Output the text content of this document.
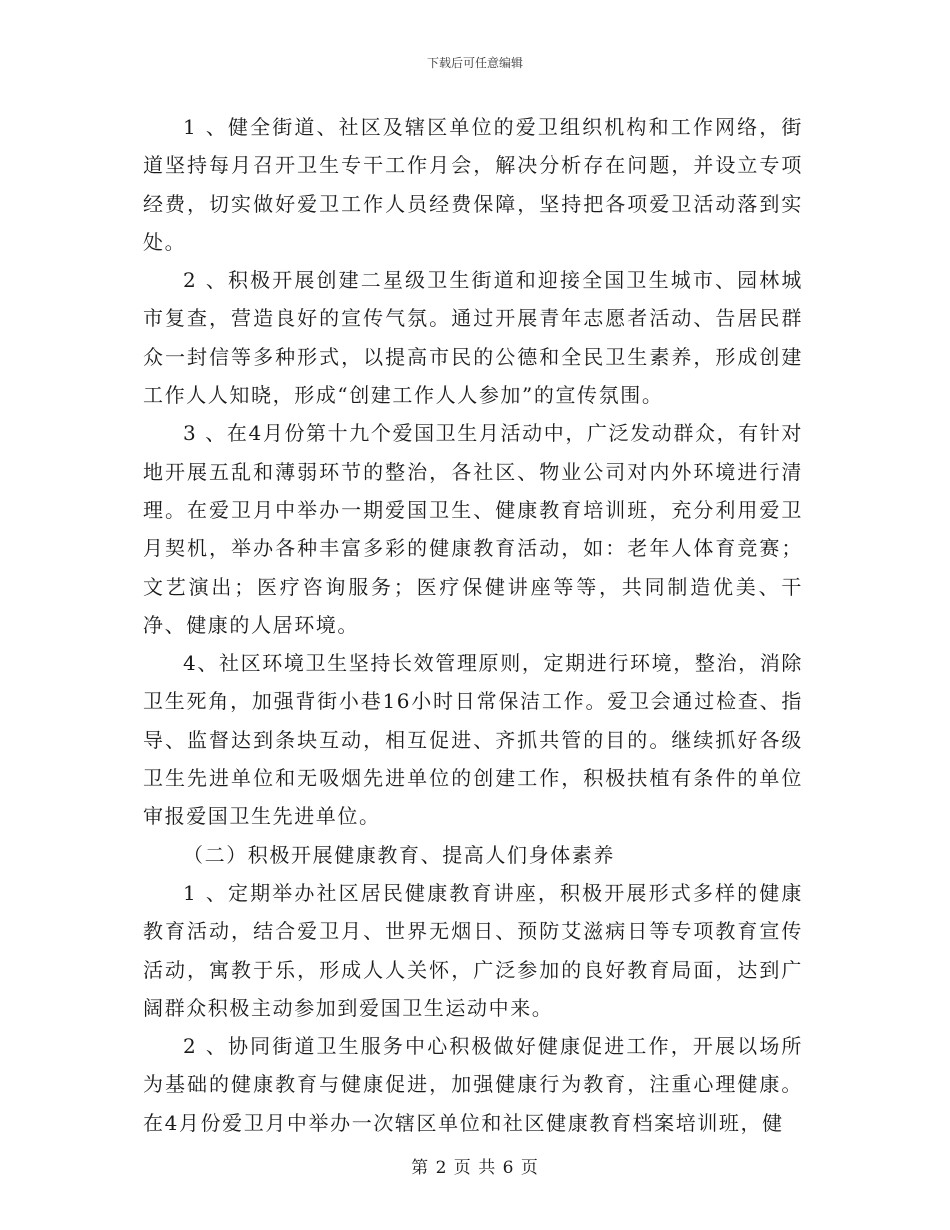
下载后可任意编辑

1 、健全街道、社区及辖区单位的爱卫组织机构和工作网络，街道坚持每月召开卫生专干工作月会，解决分析存在问题，并设立专项经费，切实做好爱卫工作人员经费保障，坚持把各项爱卫活动落到实处。

2 、积极开展创建二星级卫生街道和迎接全国卫生城市、园林城市复查，营造良好的宣传气氛。通过开展青年志愿者活动、告居民群众一封信等多种形式，以提高市民的公德和全民卫生素养，形成创建工作人人知晓，形成“创建工作人人参加”的宣传氛围。

3 、在4月份第十九个爱国卫生月活动中，广泛发动群众，有针对地开展五乱和薄弱环节的整治，各社区、物业公司对内外环境进行清理。在爱卫月中举办一期爱国卫生、健康教育培训班，充分利用爱卫月契机，举办各种丰富多彩的健康教育活动，如：老年人体育竞赛；文艺演出；医疗咨询服务；医疗保健讲座等等，共同制造优美、干净、健康的人居环境。

4、社区环境卫生坚持长效管理原则，定期进行环境，整治，消除卫生死角，加强背街小巷16小时日常保洁工作。爱卫会通过检查、指导、监督达到条块互动，相互促进、齐抓共管的目的。继续抓好各级卫生先进单位和无吸烟先进单位的创建工作，积极扶植有条件的单位审报爱国卫生先进单位。

（二）积极开展健康教育、提高人们身体素养

1 、定期举办社区居民健康教育讲座，积极开展形式多样的健康教育活动，结合爱卫月、世界无烟日、预防艾滋病日等专项教育宣传活动，寓教于乐，形成人人关怀，广泛参加的良好教育局面，达到广阔群众积极主动参加到爱国卫生运动中来。

2 、协同街道卫生服务中心积极做好健康促进工作，开展以场所为基础的健康教育与健康促进，加强健康行为教育，注重心理健康。在4月份爱卫月中举办一次辖区单位和社区健康教育档案培训班，健

第 2 页 共 6 页
